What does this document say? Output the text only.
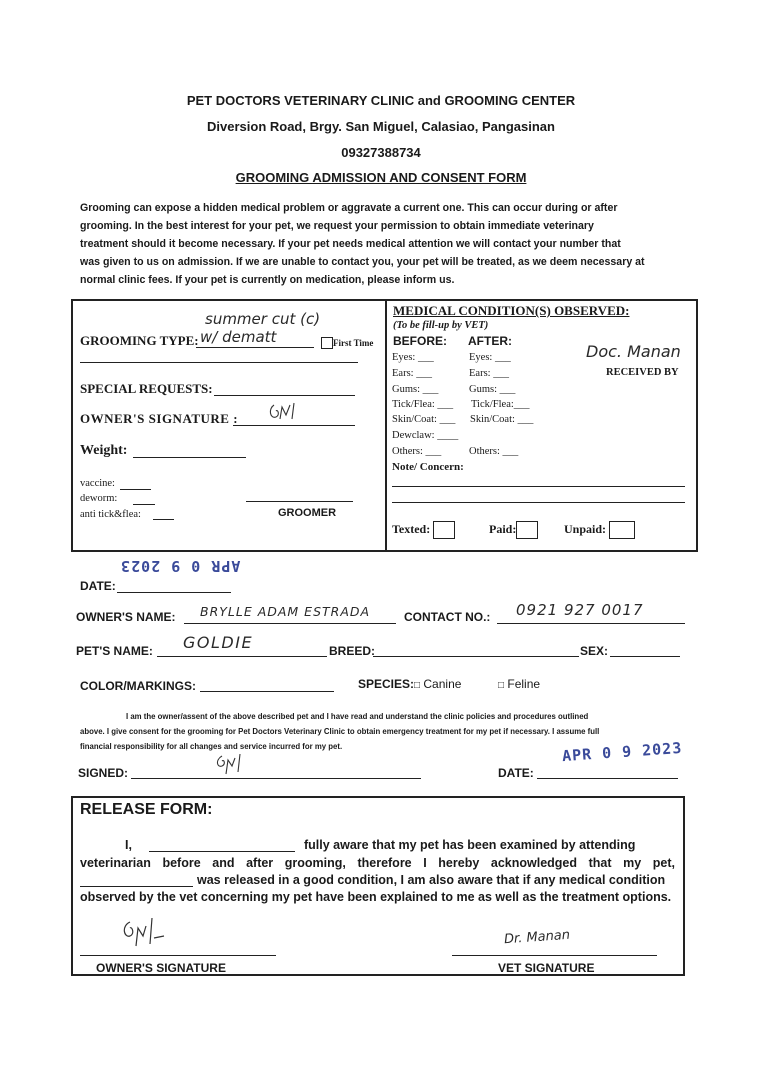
PET DOCTORS VETERINARY CLINIC and GROOMING CENTER
Diversion Road, Brgy. San Miguel, Calasiao, Pangasinan
09327388734
GROOMING ADMISSION AND CONSENT FORM
Grooming can expose a hidden medical problem or aggravate a current one. This can occur during or after
grooming. In the best interest for your pet, we request your permission to obtain immediate veterinary
treatment should it become necessary. If your pet needs medical attention we will contact your number that
was given to us on admission. If we are unable to contact you, your pet will be treated, as we deem necessary at
normal clinic fees. If your pet is currently on medication, please inform us.
summer cut (c)
GROOMING TYPE: w/ dematt	First Time
SPECIAL REQUESTS:
OWNER'S SIGNATURE :
Weight:
vaccine:
deworm:
anti tick&flea:	GROOMER
MEDICAL CONDITION(S) OBSERVED:
(To be fill-up by VET)
BEFORE: AFTER:
Eyes: ___	Eyes: ___
Ears: ___	Ears: ___
Gums: ___	Gums: ___
Tick/Flea: ___ Tick/Flea:___
Skin/Coat: ___ Skin/Coat: ___
Dewclaw: ____
Others: ___	Others: ___
Doc. Manan
RECEIVED BY
Note/ Concern:
Texted:	Paid:	Unpaid:
APR 0 9 2023
DATE:
OWNER'S NAME: BRYLLE ADAM ESTRADA	CONTACT NO.: 0921 927 0017
PET'S NAME: GOLDIE	BREED:	SEX:
COLOR/MARKINGS:	SPECIES: □ Canine	□ Feline
I am the owner/assent of the above described pet and I have read and understand the clinic policies and procedures outlined
above. I give consent for the grooming for Pet Doctors Veterinary Clinic to obtain emergency treatment for my pet if necessary. I assume full
financial responsibility for all changes and service incurred for my pet.	APR 0 9 2023
SIGNED:	DATE:
RELEASE FORM:
I,	fully aware that my pet has been examined by attending
veterinarian before and after grooming, therefore I hereby acknowledged that my pet,
was released in a good condition, I am also aware that if any medical condition
observed by the vet concerning my pet have been explained to me as well as the treatment options.
OWNER'S SIGNATURE
Dr. Manan
VET SIGNATURE
